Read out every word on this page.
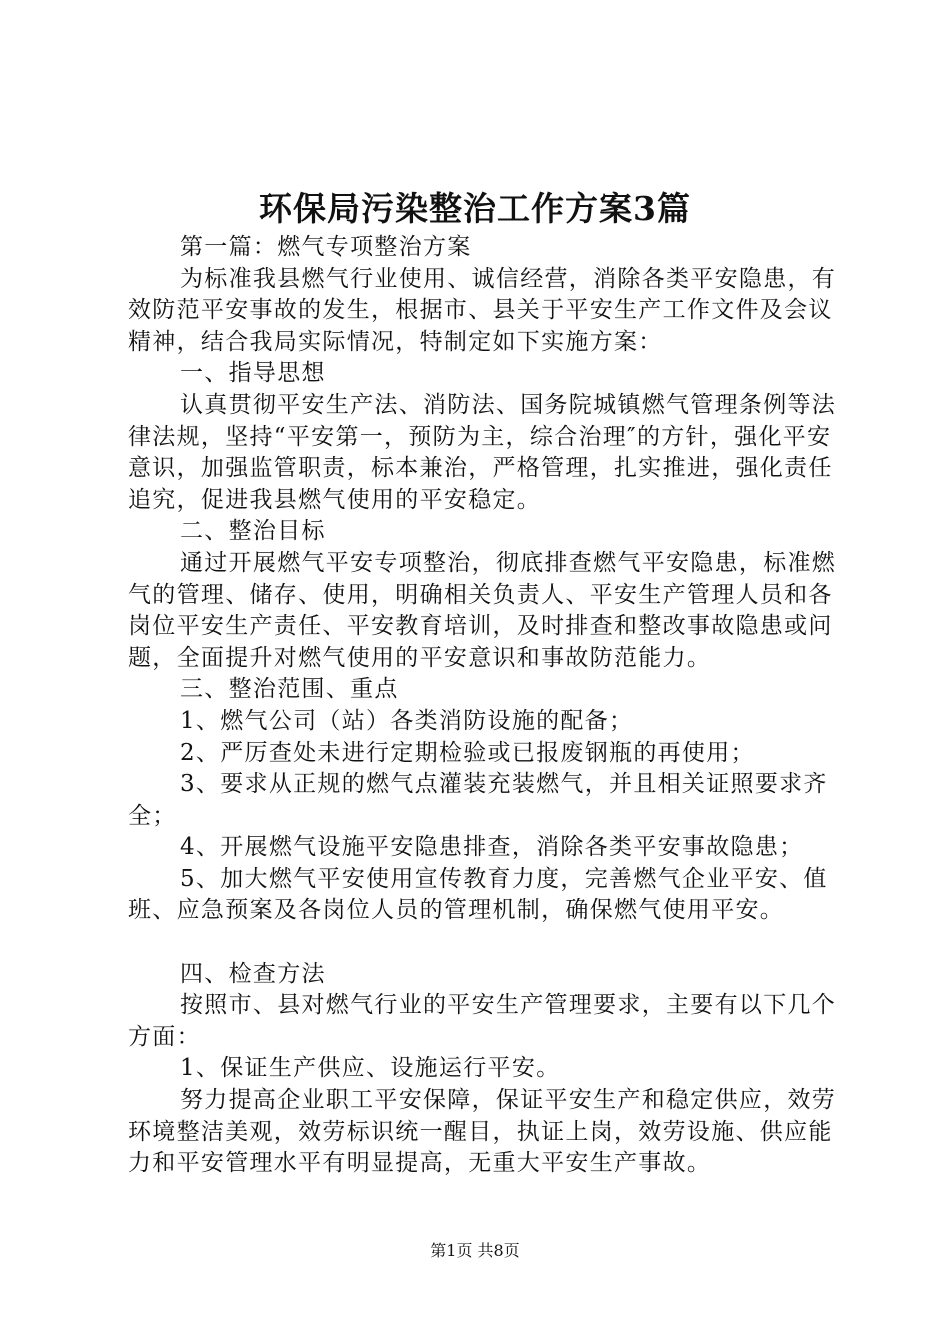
环保局污染整治工作方案3篇

第一篇：燃气专项整治方案

为标准我县燃气行业使用、诚信经营，消除各类平安隐患，有效防范平安事故的发生，根据市、县关于平安生产工作文件及会议精神，结合我局实际情况，特制定如下实施方案：

一、指导思想

认真贯彻平安生产法、消防法、国务院城镇燃气管理条例等法律法规，坚持“平安第一，预防为主，综合治理″的方针，强化平安意识，加强监管职责，标本兼治，严格管理，扎实推进，强化责任追究，促进我县燃气使用的平安稳定。

二、整治目标

通过开展燃气平安专项整治，彻底排查燃气平安隐患，标准燃气的管理、储存、使用，明确相关负责人、平安生产管理人员和各岗位平安生产责任、平安教育培训，及时排查和整改事故隐患或问题，全面提升对燃气使用的平安意识和事故防范能力。

三、整治范围、重点

1、燃气公司（站）各类消防设施的配备；

2、严厉查处未进行定期检验或已报废钢瓶的再使用；

3、要求从正规的燃气点灌装充装燃气，并且相关证照要求齐全；

4、开展燃气设施平安隐患排查，消除各类平安事故隐患；

5、加大燃气平安使用宣传教育力度，完善燃气企业平安、值班、应急预案及各岗位人员的管理机制，确保燃气使用平安。

四、检查方法

按照市、县对燃气行业的平安生产管理要求，主要有以下几个方面：

1、保证生产供应、设施运行平安。

努力提高企业职工平安保障，保证平安生产和稳定供应，效劳环境整洁美观，效劳标识统一醒目，执证上岗，效劳设施、供应能力和平安管理水平有明显提高，无重大平安生产事故。

第1页 共8页
